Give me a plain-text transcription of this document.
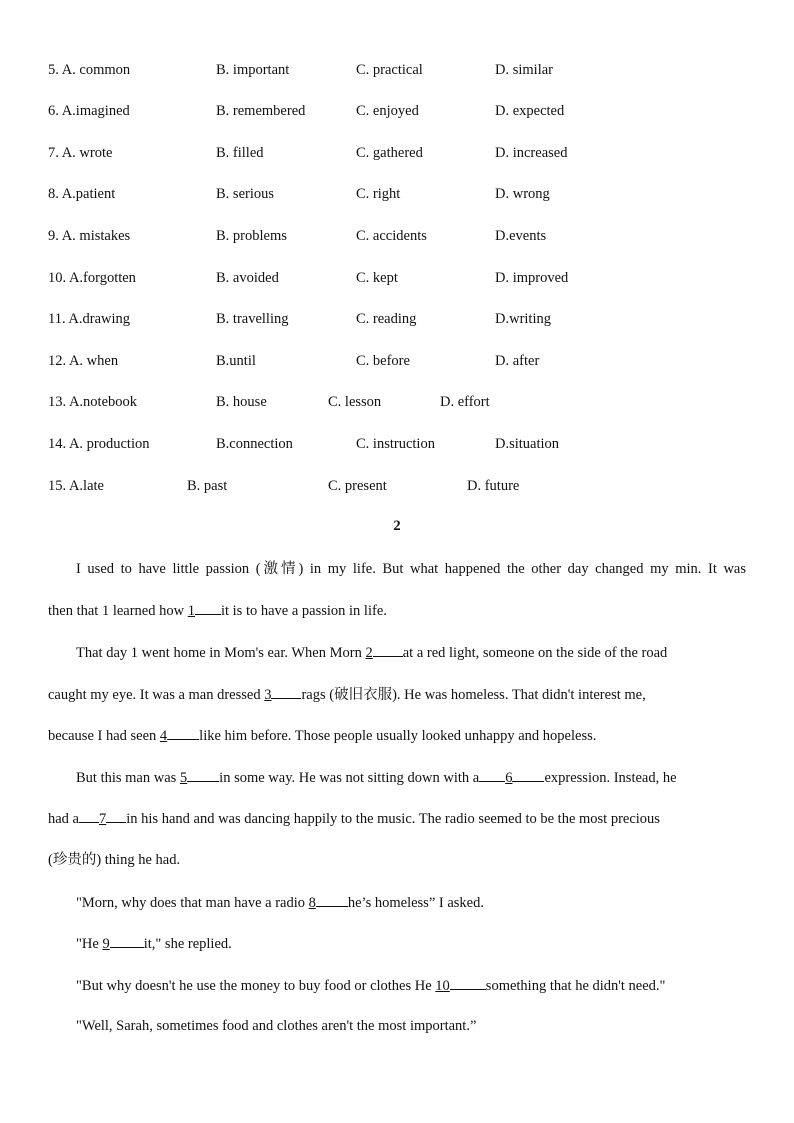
5. A. common	B. important	C. practical	D. similar
6. A.imagined	B. remembered	C. enjoyed	D. expected
7. A. wrote	B. filled	C. gathered	D. increased
8. A.patient	B. serious	C. right	D. wrong
9. A. mistakes	B. problems	C. accidents	D.events
10. A.forgotten	B. avoided	C. kept	D. improved
11. A.drawing	B. travelling	C. reading	D.writing
12. A. when	B.until	C. before	D. after
13. A.notebook	B. house	C. lesson	D. effort
14. A. production	B.connection	C. instruction	D.situation
15. A.late	B. past	C. present	D. future
2
I used to have little passion (激情) in my life. But what happened the other day changed my min. It was
then that 1 learned how 1 it is to have a passion in life.
That day 1 went home in Mom's ear. When Morn 2 at a red light, someone on the side of the road
caught my eye. It was a man dressed 3 rags (破旧衣服). He was homeless. That didn't interest me,
because I had seen 4 like him before. Those people usually looked unhappy and hopeless.
But this man was 5 in some way. He was not sitting down with a 6 expression. Instead, he
had a 7 in his hand and was dancing happily to the music. The radio seemed to be the most precious
(珍贵的) thing he had.
"Morn, why does that man have a radio 8 he’s homeless” I asked.
"He 9 it," she replied.
"But why doesn't he use the money to buy food or clothes He 10 something that he didn't need."
"Well, Sarah, sometimes food and clothes aren't the most important.”
